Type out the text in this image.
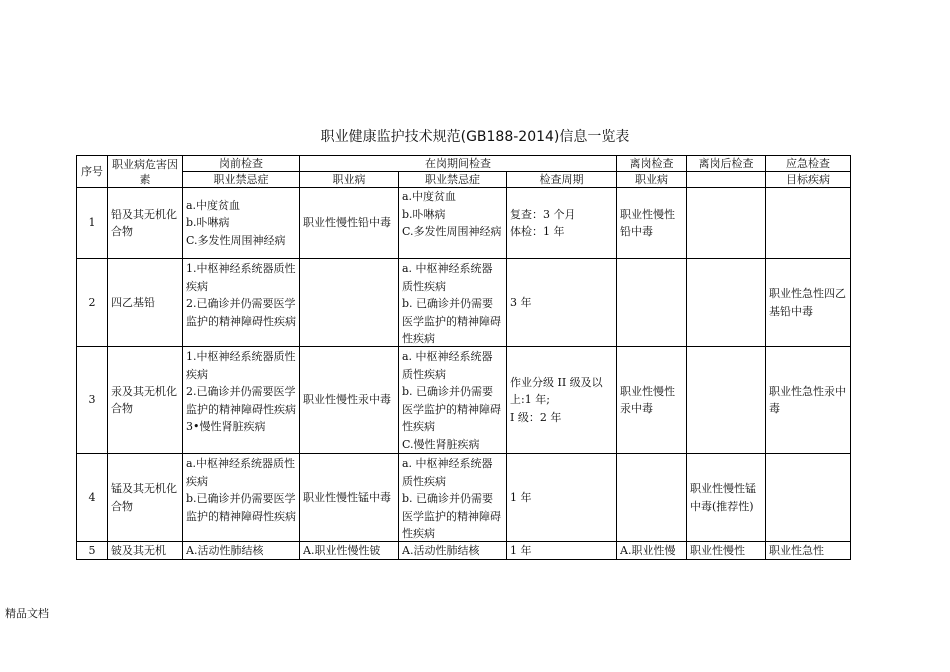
职业健康监护技术规范(GB188-2014)信息一览表
序号	职业病危害因素	岗前检查	在岗期间检查			离岗检查	离岗后检查	应急检查
		职业禁忌症	职业病	职业禁忌症	检查周期	职业病		目标疾病

1	铅及其无机化合物	a.中度贫血
b.卟啉病
C.多发性周围神经病	职业性慢性铅中毒	a.中度贫血
b.卟啉病
C.多发性周围神经病	复查：3 个月
体检：1 年	职业性慢性铅中毒		

2	四乙基铅	1.中枢神经系统器质性疾病
2.已确诊并仍需要医学监护的精神障碍性疾病		a. 中枢神经系统器质性疾病
b. 已确诊并仍需要医学监护的精神障碍性疾病	3 年			职业性急性四乙基铅中毒

3	汞及其无机化合物	1.中枢神经系统器质性疾病
2.已确诊并仍需要医学监护的精神障碍性疾病
3•慢性肾脏疾病	职业性慢性汞中毒	a. 中枢神经系统器质性疾病
b. 已确诊并仍需要医学监护的精神障碍性疾病
C.慢性肾脏疾病	作业分级 II 级及以上:1 年;
I 级：2 年	职业性慢性汞中毒		职业性急性汞中毒

4	锰及其无机化合物	a.中枢神经系统器质性疾病
b.已确诊并仍需要医学监护的精神障碍性疾病	职业性慢性锰中毒	a. 中枢神经系统器质性疾病
b. 已确诊并仍需要医学监护的精神障碍性疾病	1 年		职业性慢性锰中毒(推荐性)	

5	铍及其无机	A.活动性肺结核	A.职业性慢性铍	A.活动性肺结核	1 年	A.职业性慢	职业性慢性	职业性急性
精品文档
